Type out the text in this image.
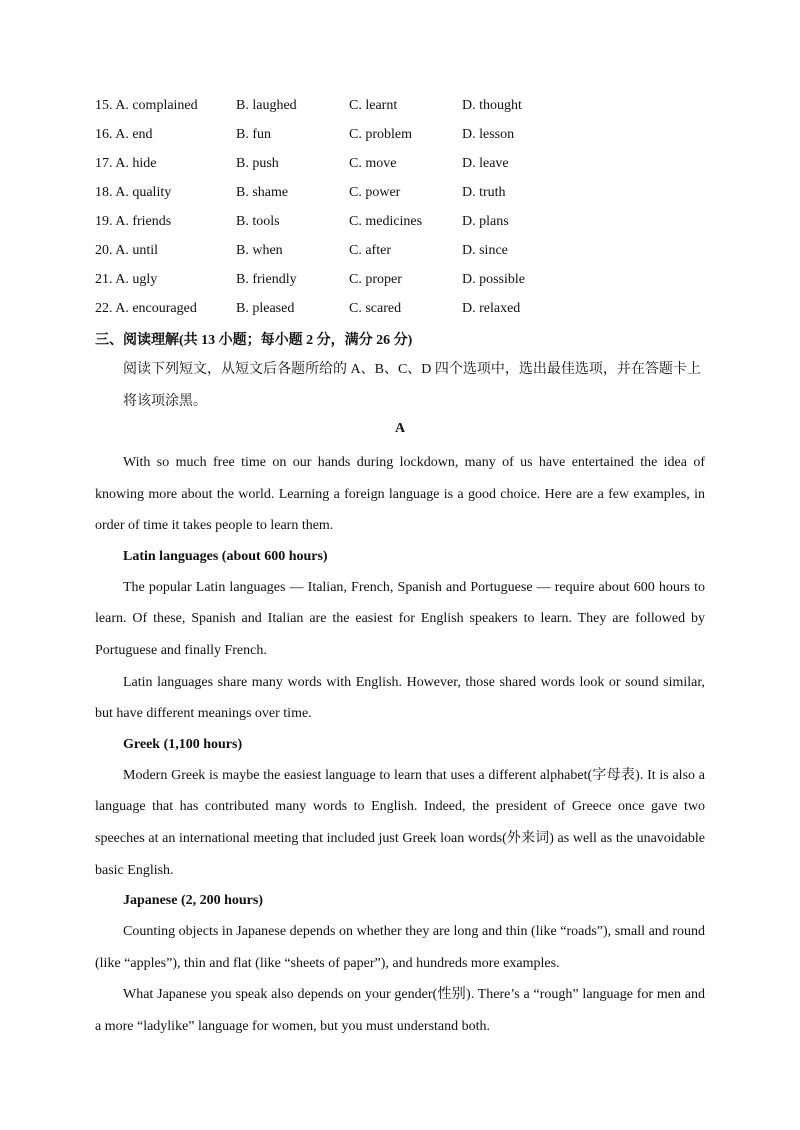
15. A. complained	B. laughed	C. learnt	D. thought
16. A. end	B. fun	C. problem	D. lesson
17. A. hide	B. push	C. move	D. leave
18. A. quality	B. shame	C. power	D. truth
19. A. friends	B. tools	C. medicines	D. plans
20. A. until	B. when	C. after	D. since
21. A. ugly	B. friendly	C. proper	D. possible
22. A. encouraged	B. pleased	C. scared	D. relaxed
三、阅读理解(共 13 小题；每小题 2 分，满分 26 分)
阅读下列短文，从短文后各题所给的 A、B、C、D 四个选项中，选出最佳选项，并在答题卡上
将该项涂黑。
A

With so much free time on our hands during lockdown, many of us have entertained the idea of knowing more about the world. Learning a foreign language is a good choice. Here are a few examples, in order of time it takes people to learn them.

Latin languages (about 600 hours)

The popular Latin languages — Italian, French, Spanish and Portuguese — require about 600 hours to learn. Of these, Spanish and Italian are the easiest for English speakers to learn. They are followed by Portuguese and finally French.

Latin languages share many words with English. However, those shared words look or sound similar, but have different meanings over time.

Greek (1,100 hours)

Modern Greek is maybe the easiest language to learn that uses a different alphabet(字母表). It is also a language that has contributed many words to English. Indeed, the president of Greece once gave two speeches at an international meeting that included just Greek loan words(外来词) as well as the unavoidable basic English.

Japanese (2, 200 hours)

Counting objects in Japanese depends on whether they are long and thin (like “roads”), small and round (like “apples”), thin and flat (like “sheets of paper”), and hundreds more examples.

What Japanese you speak also depends on your gender(性别). There’s a “rough” language for men and a more “ladylike” language for women, but you must understand both.
